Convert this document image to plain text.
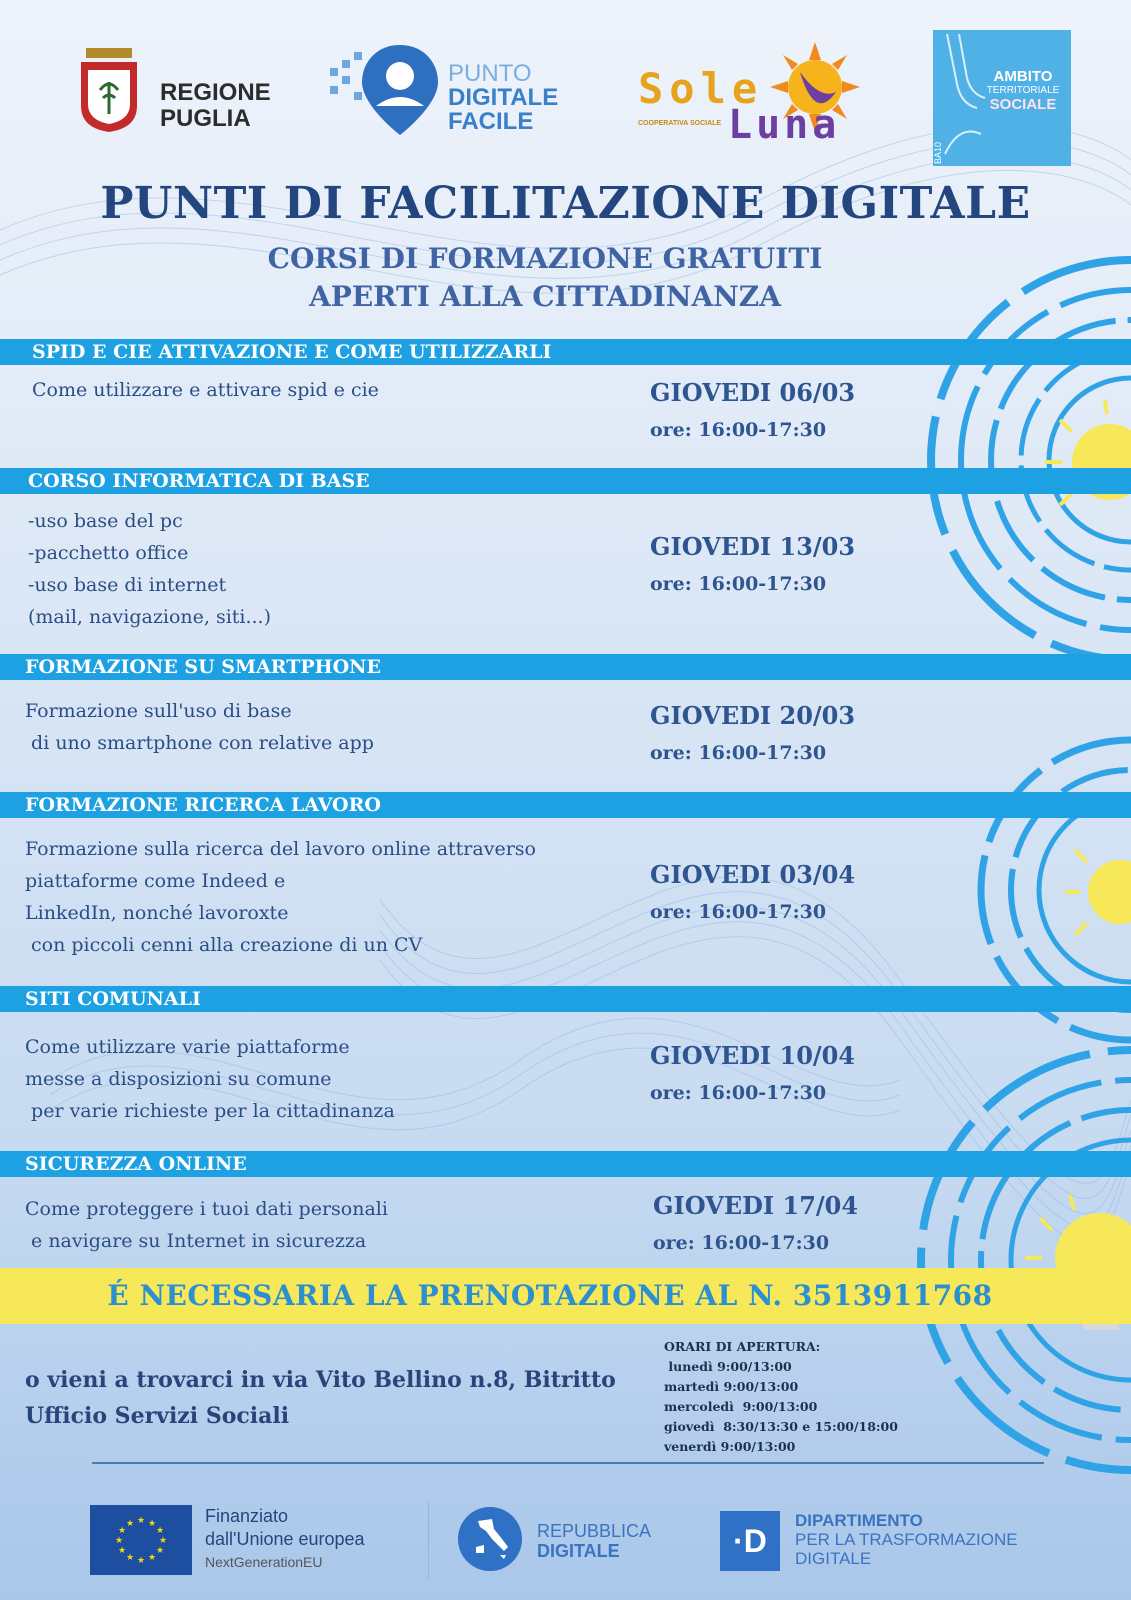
REGIONE
PUGLIA
PUNTO
DIGITALE
FACILE
Sole
COOPERATIVA SOCIALE Luna
AMBITO
TERRITORIALE
SOCIALE
BA10
PUNTI DI FACILITAZIONE DIGITALE
CORSI DI FORMAZIONE GRATUITI
APERTI ALLA CITTADINANZA
SPID E CIE ATTIVAZIONE E COME UTILIZZARLI
Come utilizzare e attivare spid e cie	GIOVEDI 06/03
ore: 16:00-17:30
CORSO INFORMATICA DI BASE
-uso base del pc
-pacchetto office
-uso base di internet
(mail, navigazione, siti...)
GIOVEDI 13/03
ore: 16:00-17:30
FORMAZIONE SU SMARTPHONE
Formazione sull'uso di base
di uno smartphone con relative app
GIOVEDI 20/03
ore: 16:00-17:30
FORMAZIONE RICERCA LAVORO
Formazione sulla ricerca del lavoro online attraverso
piattaforme come Indeed e
LinkedIn, nonché lavoroxte
con piccoli cenni alla creazione di un CV
GIOVEDI 03/04
ore: 16:00-17:30
SITI COMUNALI
Come utilizzare varie piattaforme
messe a disposizioni su comune
per varie richieste per la cittadinanza
GIOVEDI 10/04
ore: 16:00-17:30
SICUREZZA ONLINE
Come proteggere i tuoi dati personali
e navigare su Internet in sicurezza
GIOVEDI 17/04
ore: 16:00-17:30
É NECESSARIA LA PRENOTAZIONE AL N. 3513911768
o vieni a trovarci in via Vito Bellino n.8, Bitritto
Ufficio Servizi Sociali
ORARI DI APERTURA:
lunedì 9:00/13:00
martedì 9:00/13:00
mercoledì  9:00/13:00
giovedì  8:30/13:30 e 15:00/18:00
venerdì 9:00/13:00
★ ★
★
★
★
★
★
★
★
★
★
★	Finanziato
dall'Unione europea
NextGenerationEU
REPUBBLICA
DIGITALE	·D
DIPARTIMENTO
PER LA TRASFORMAZIONE
DIGITALE
